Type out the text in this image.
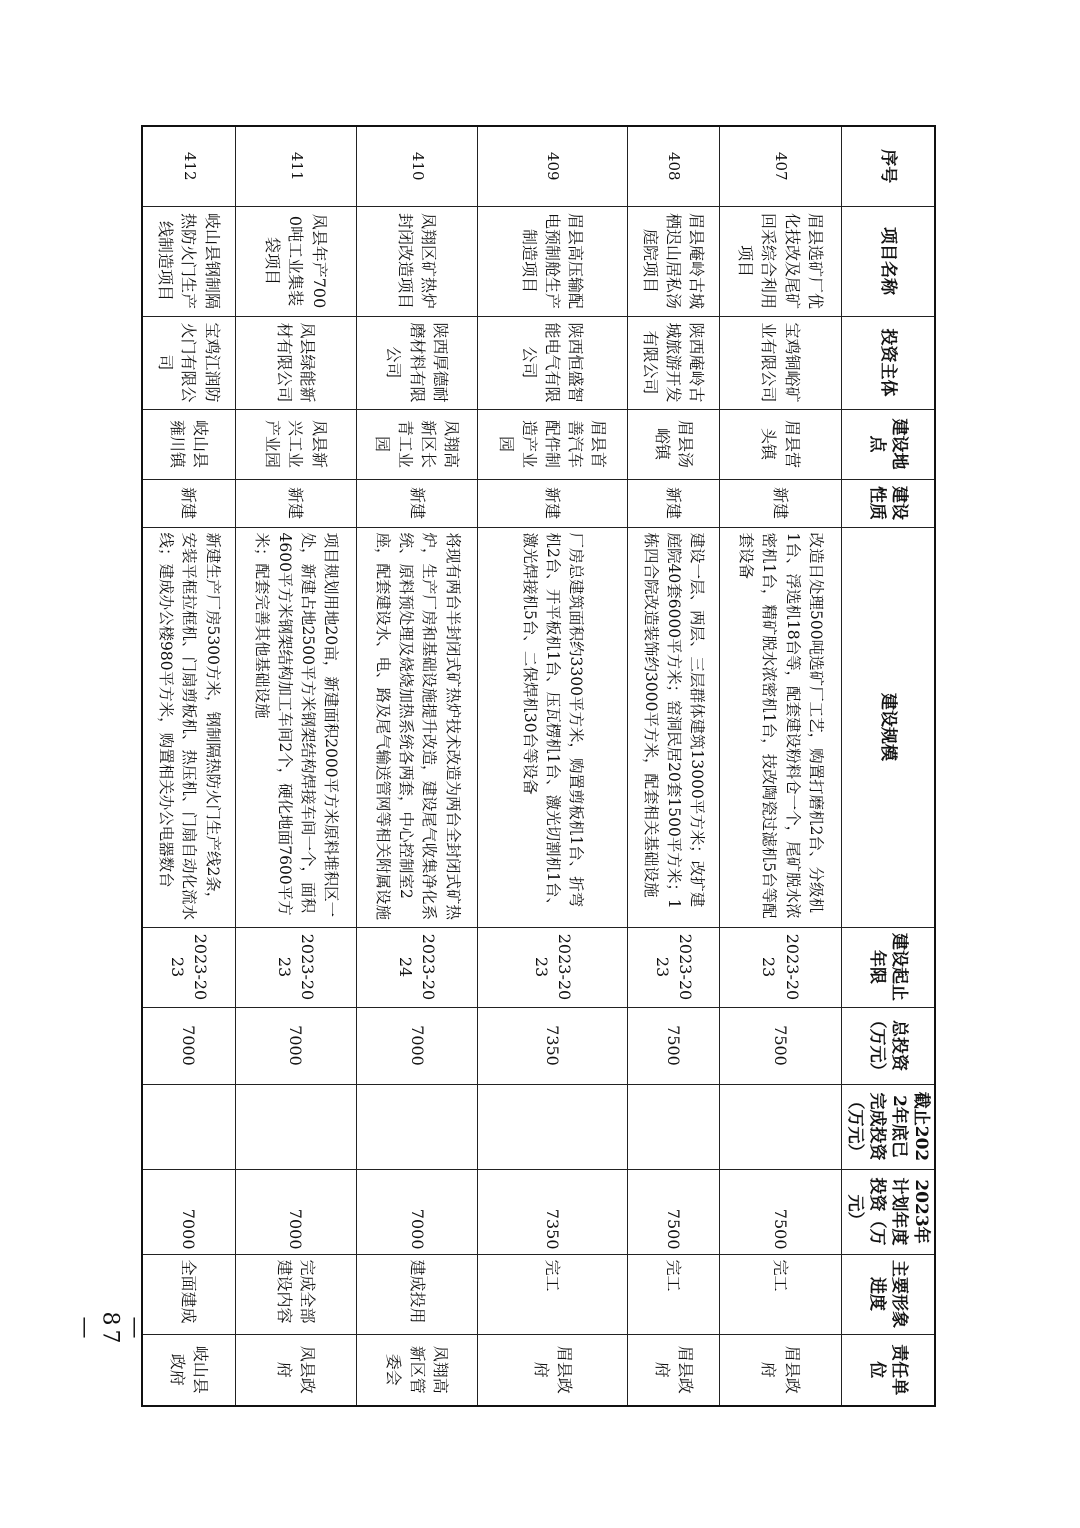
序号	项目名称	投资主体	建设地点	建设性质	建设规模	建设起止年限	总投资（万元）	截止2022年底已完成投资（万元）	2023年计划年度投资（万元）	主要形象进度	责任单位
407	眉县选矿厂优化技改及尾矿回采综合利用项目	宝鸡铜峪矿业有限公司	眉县营头镇	新建	改造日处理500吨选矿厂工艺，购置打磨机2台、分级机1台、浮选机18台等，配套建设粉料仓一个，尾矿脱水浓密机1台，精矿脱水浓密机1台，技改陶瓷过滤机5台等配套设备	2023-2023	7500		7500	完工	眉县政府
408	眉县庵岭古城栖迟山居私汤庭院项目	陕西庵岭古城旅游开发有限公司	眉县汤峪镇	新建	建设一层、两层、三层群体建筑13000平方米；改扩建庭院40套6000平方米；窑洞民居20套1500平方米；1栋四合院改造装饰约3000平方米，配套相关基础设施	2023-2023	7500		7500	完工	眉县政府
409	眉县高压输配电预制舱生产制造项目	陕西恒盛智能电气有限公司	眉县首善汽车配件制造产业园	新建	厂房总建筑面积约3300平方米，购置剪板机1台、折弯机2台、开平板机1台、压瓦楞机1台、激光切割机1台、激光焊接机5台、二保焊机30台等设备	2023-2023	7350		7350	完工	眉县政府
410	凤翔区矿热炉封闭改造项目	陕西厚德耐磨材料有限公司	凤翔高新区长青工业园	新建	将现有两台半封闭式矿热炉技术改造为两台全封闭式矿热炉，生产厂房和基础设施提升改造，建设尾气收集净化系统、原料预处理及烧烧加热系统各两套，中心控制室2座，配套建设水、电、路及尾气输送管网等相关附属设施	2023-2024	7000		7000	建成投用	凤翔高新区管委会
411	凤县年产7000吨工业集装袋项目	凤县绿能新材有限公司	凤县新兴工业产业园	新建	项目规划用地20亩，新建面积2000平方米原料堆积区一处，新建占地2500平方米钢架结构焊接车间一个，面积4600平方米钢架结构加工车间2个，硬化地面7600平方米；配套完善其他基础设施	2023-2023	7000		7000	完成全部建设内容	凤县政府
412	岐山县钢制隔热防火门生产线制造项目	宝鸡江润防火门有限公司	岐山县雍川镇	新建	新建生产厂房5300方米，钢制隔热防火门生产线2条，安装平框拉框机、门扇剪板机、热压机、门扇自动化流水线；建成办公楼980平方米，购置相关办公电器数台	2023-2023	7000		7000	全面建成	岐山县政府
— 87 —
